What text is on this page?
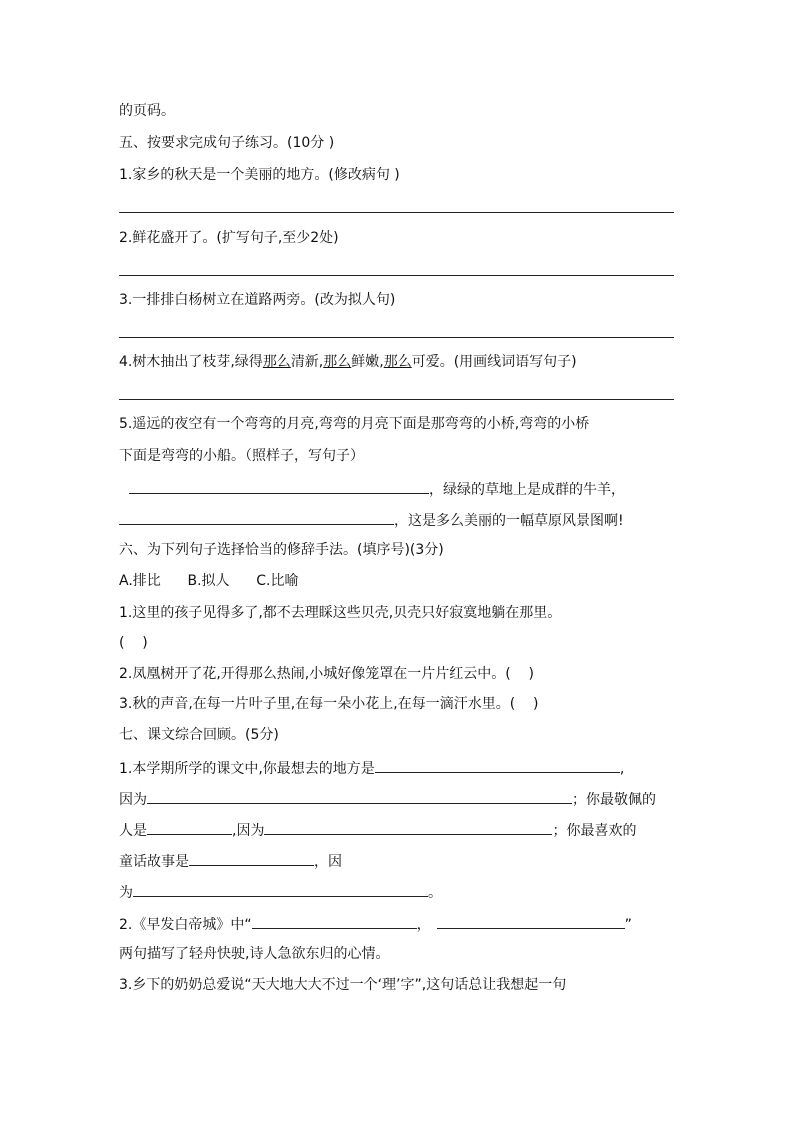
的页码。
五、按要求完成句子练习。(10分 )
1.家乡的秋天是一个美丽的地方。(修改病句 )
2.鲜花盛开了。(扩写句子,至少2处)
3.一排排白杨树立在道路两旁。(改为拟人句)
4.树木抽出了枝芽,绿得那么清新,那么鲜嫩,那么可爱。(用画线词语写句子)
5.遥远的夜空有一个弯弯的月亮,弯弯的月亮下面是那弯弯的小桥,弯弯的小桥
下面是弯弯的小船。（照样子，写句子）
，绿绿的草地上是成群的牛羊，
，这是多么美丽的一幅草原风景图啊!
六、为下列句子选择恰当的修辞手法。(填序号)(3分)
A.排比      B.拟人      C.比喻
1.这里的孩子见得多了,都不去理睬这些贝壳,贝壳只好寂寞地躺在那里。
(    )
2.凤凰树开了花,开得那么热闹,小城好像笼罩在一片片红云中。(    )
3.秋的声音,在每一片叶子里,在每一朵小花上,在每一滴汗水里。(    )
七、课文综合回顾。(5分)
1.本学期所学的课文中,你最想去的地方是	,
因为	；你最敬佩的
人是	,因为	；你最喜欢的
童话故事是	，因
为	。
2.《早发白帝城》中“	，	”
两句描写了轻舟快驶,诗人急欲东归的心情。
3.乡下的奶奶总爱说“天大地大大不过一个‘理’字”,这句话总让我想起一句
